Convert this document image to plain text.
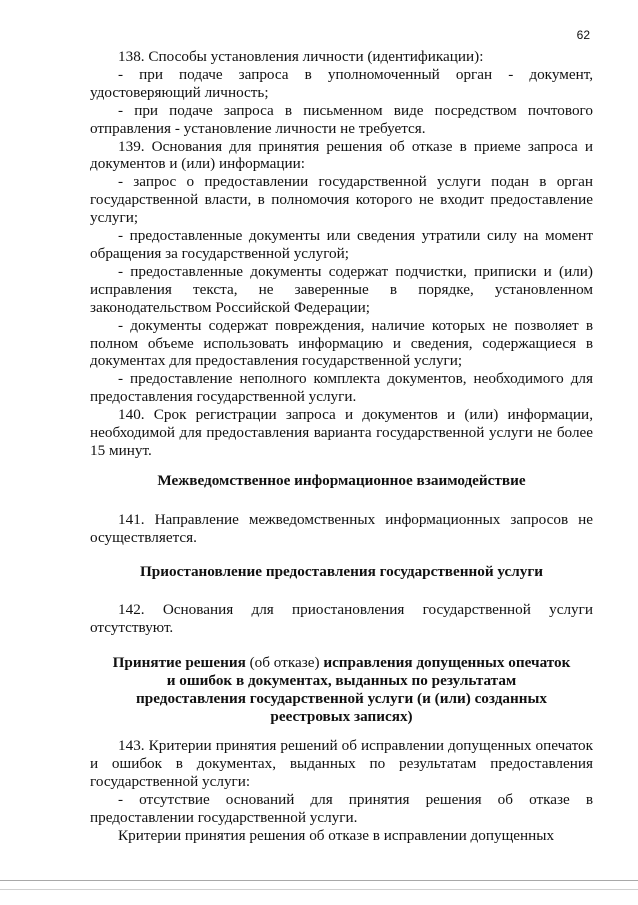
62

138. Способы установления личности (идентификации):

- при подаче запроса в уполномоченный орган - документ, удостоверяющий личность;

- при подаче запроса в письменном виде посредством почтового отправления - установление личности не требуется.

139. Основания для принятия решения об отказе в приеме запроса и документов и (или) информации:

- запрос о предоставлении государственной услуги подан в орган государственной власти, в полномочия которого не входит предоставление услуги;

- предоставленные документы или сведения утратили силу на момент обращения за государственной услугой;

- предоставленные документы содержат подчистки, приписки и (или) исправления текста, не заверенные в порядке, установленном законодательством Российской Федерации;

- документы содержат повреждения, наличие которых не позволяет в полном объеме использовать информацию и сведения, содержащиеся в документах для предоставления государственной услуги;

- предоставление неполного комплекта документов, необходимого для предоставления государственной услуги.

140. Срок регистрации запроса и документов и (или) информации, необходимой для предоставления варианта государственной услуги не более 15 минут.

Межведомственное информационное взаимодействие

141. Направление межведомственных информационных запросов не осуществляется.

Приостановление предоставления государственной услуги

142. Основания для приостановления государственной услуги отсутствуют.

Принятие решения (об отказе) исправления допущенных опечаток и ошибок в документах, выданных по результатам предоставления государственной услуги (и (или) созданных реестровых записях)

143. Критерии принятия решений об исправлении допущенных опечаток и ошибок в документах, выданных по результатам предоставления государственной услуги:

- отсутствие оснований для принятия решения об отказе в предоставлении государственной услуги.

Критерии принятия решения об отказе в исправлении допущенных
